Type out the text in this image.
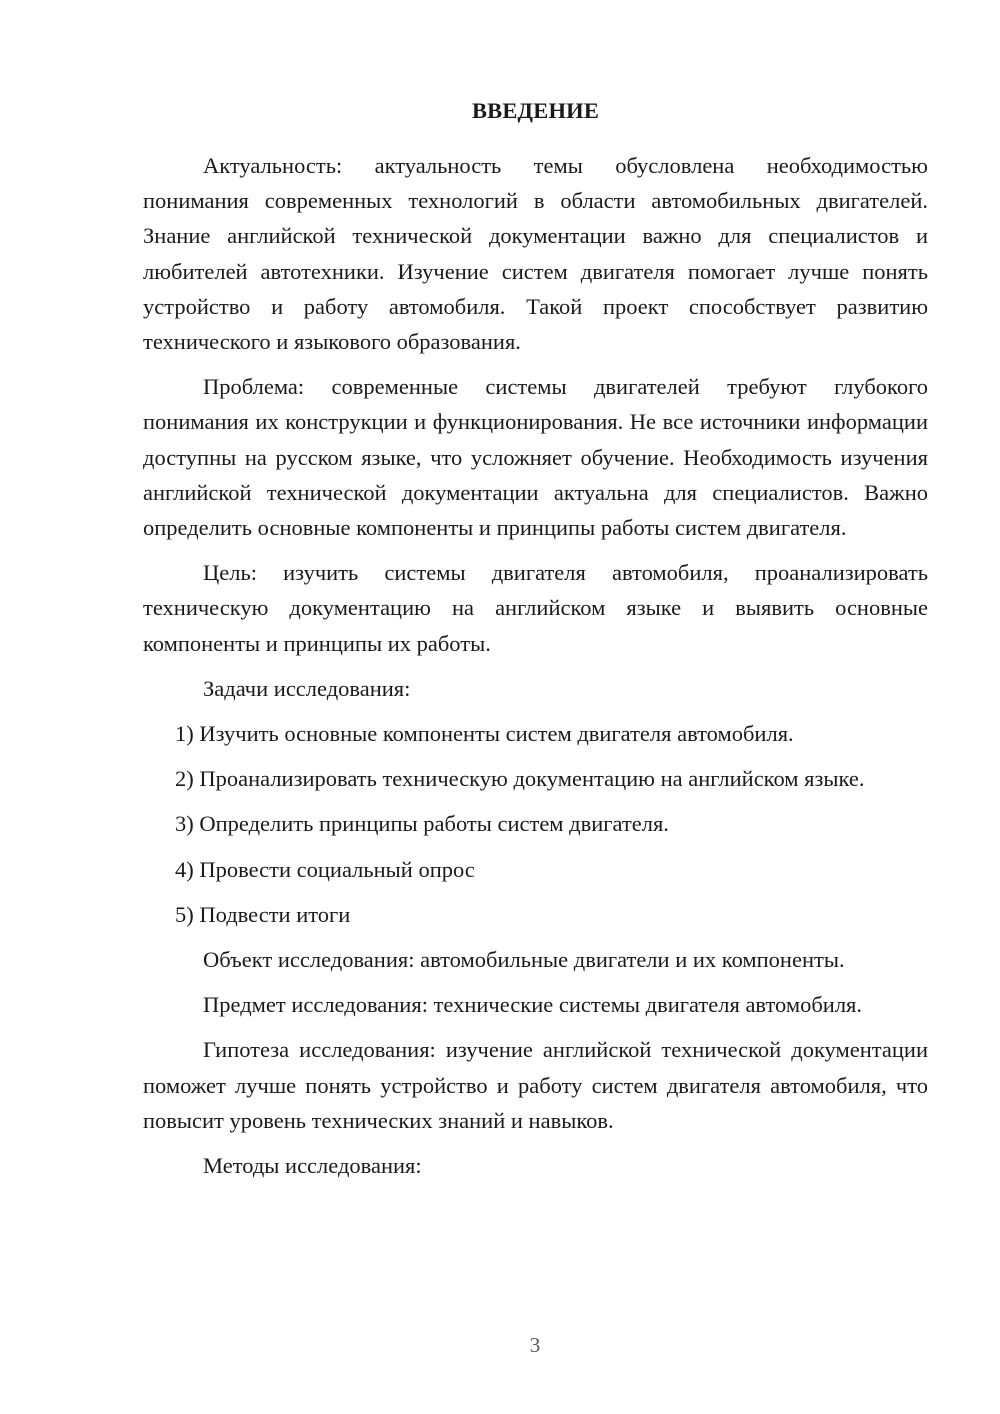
ВВЕДЕНИЕ

Актуальность: актуальность темы обусловлена необходимостью понимания современных технологий в области автомобильных двигателей. Знание английской технической документации важно для специалистов и любителей автотехники. Изучение систем двигателя помогает лучше понять устройство и работу автомобиля. Такой проект способствует развитию технического и языкового образования.

Проблема: современные системы двигателей требуют глубокого понимания их конструкции и функционирования. Не все источники информации доступны на русском языке, что усложняет обучение. Необходимость изучения английской технической документации актуальна для специалистов. Важно определить основные компоненты и принципы работы систем двигателя.

Цель: изучить системы двигателя автомобиля, проанализировать техническую документацию на английском языке и выявить основные компоненты и принципы их работы.

Задачи исследования:

1) Изучить основные компоненты систем двигателя автомобиля.

2) Проанализировать техническую документацию на английском языке.

3) Определить принципы работы систем двигателя.

4) Провести социальный опрос

5) Подвести итоги

Объект исследования: автомобильные двигатели и их компоненты.

Предмет исследования: технические системы двигателя автомобиля.

Гипотеза исследования: изучение английской технической документации поможет лучше понять устройство и работу систем двигателя автомобиля, что повысит уровень технических знаний и навыков.

Методы исследования:

3
